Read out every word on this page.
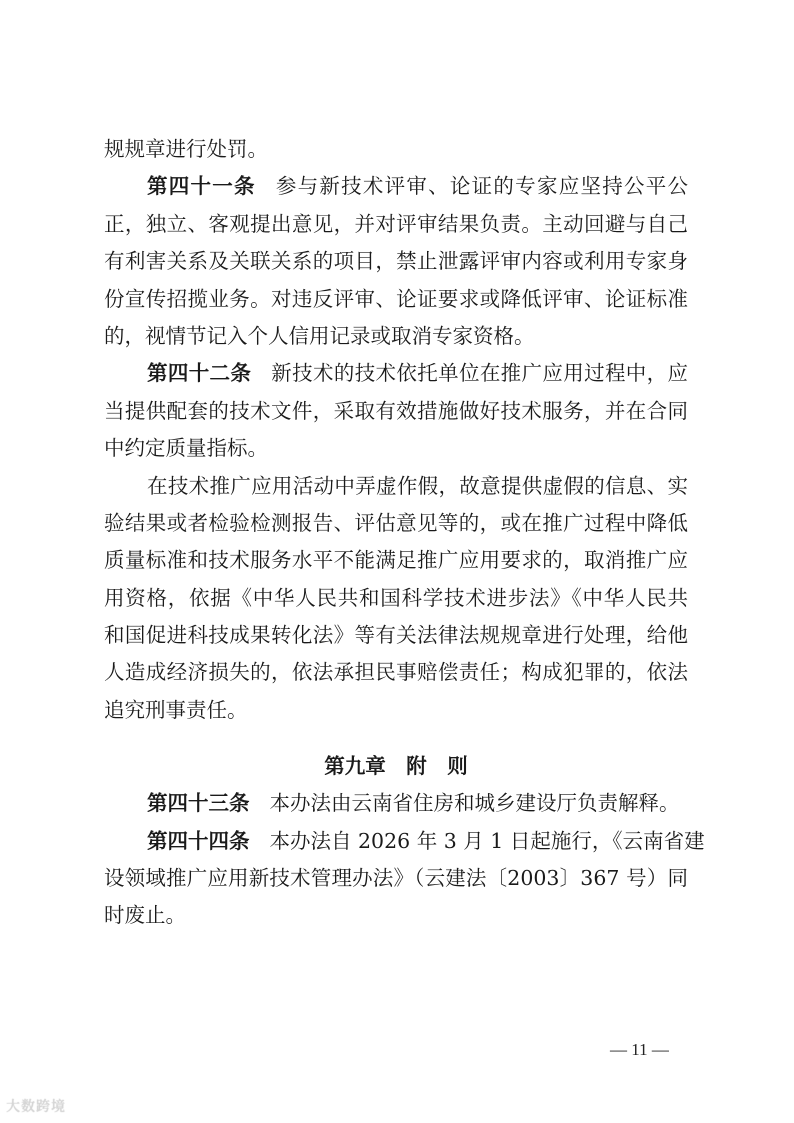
规规章进行处罚。
第四十一条 参与新技术评审、论证的专家应坚持公平公
正，独立、客观提出意见，并对评审结果负责。主动回避与自己
有利害关系及关联关系的项目，禁止泄露评审内容或利用专家身
份宣传招揽业务。对违反评审、论证要求或降低评审、论证标准
的，视情节记入个人信用记录或取消专家资格。
第四十二条 新技术的技术依托单位在推广应用过程中，应
当提供配套的技术文件，采取有效措施做好技术服务，并在合同
中约定质量指标。
在技术推广应用活动中弄虚作假，故意提供虚假的信息、实
验结果或者检验检测报告、评估意见等的，或在推广过程中降低
质量标准和技术服务水平不能满足推广应用要求的，取消推广应
用资格，依据《中华人民共和国科学技术进步法》《中华人民共
和国促进科技成果转化法》等有关法律法规规章进行处理，给他
人造成经济损失的，依法承担民事赔偿责任；构成犯罪的，依法
追究刑事责任。
第九章　附　则
第四十三条 本办法由云南省住房和城乡建设厅负责解释。
第四十四条 本办法自 2026 年 3 月 1 日起施行，《云南省建
设领域推广应用新技术管理办法》（云建法〔2003〕367 号）同
时废止。
— 11 —
大数跨境
